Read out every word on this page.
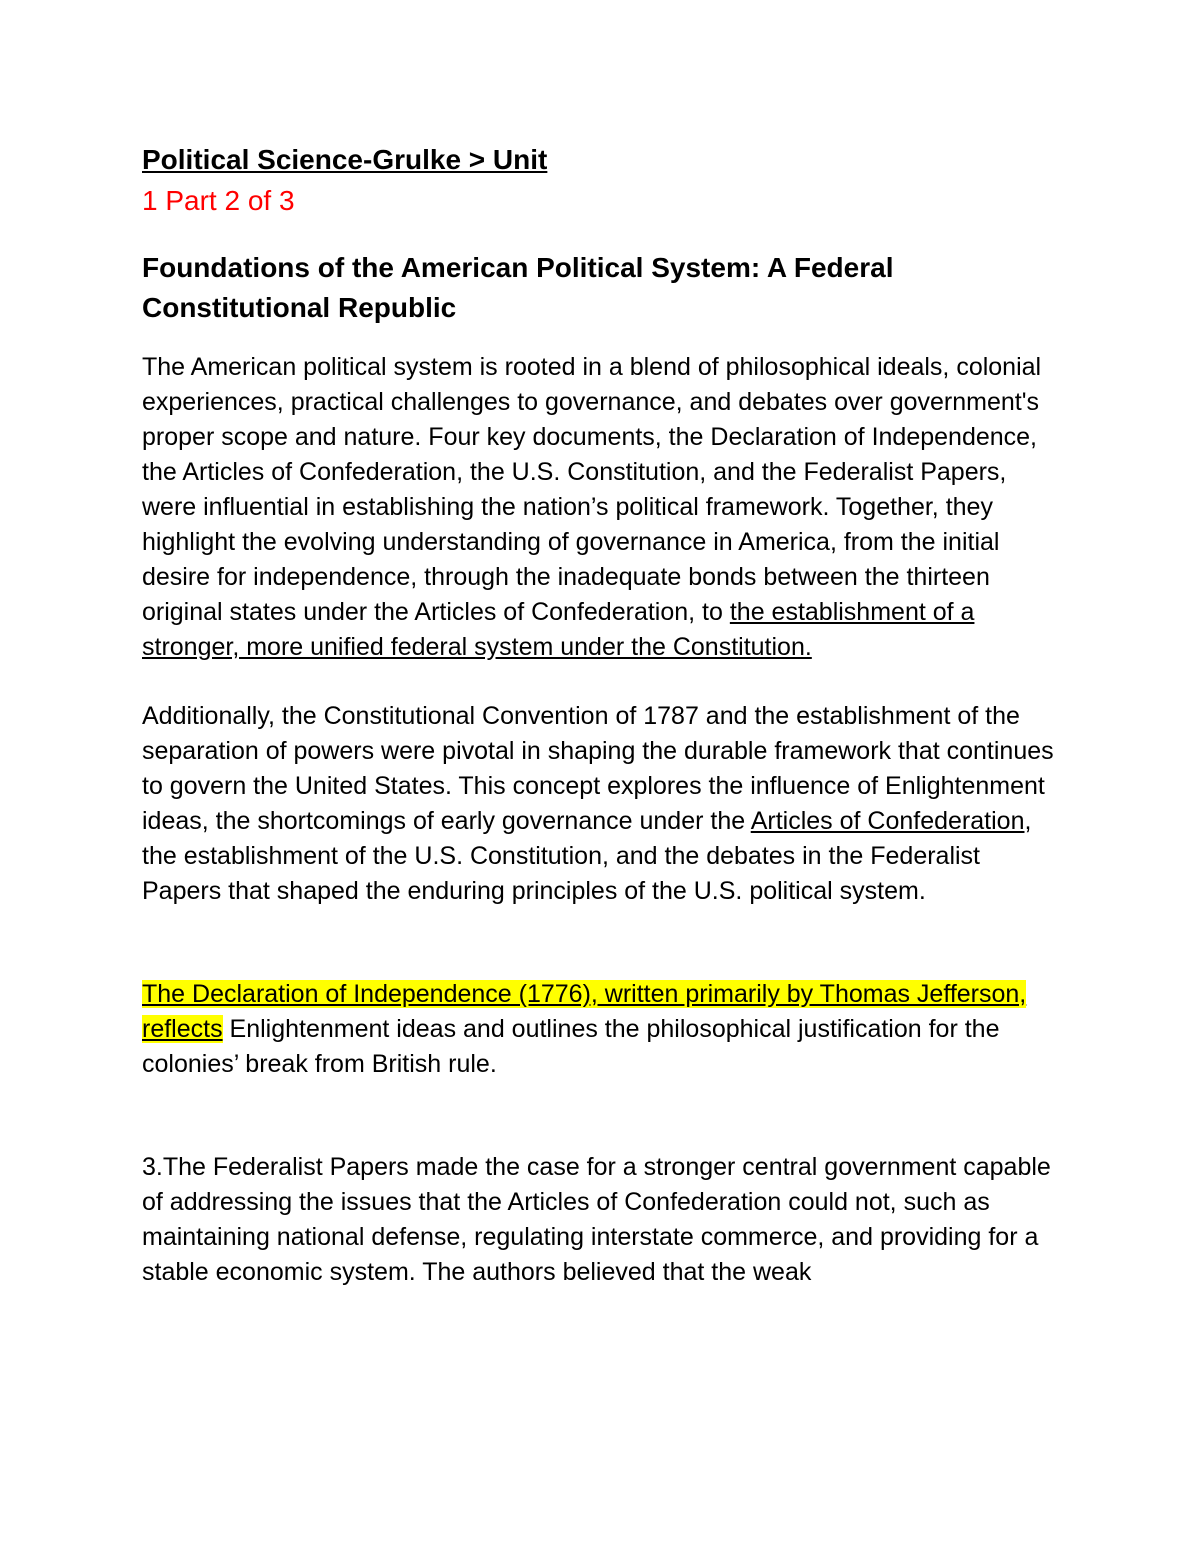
Political Science-Grulke > Unit

1 Part 2 of 3

Foundations of the American Political System: A Federal Constitutional Republic

The American political system is rooted in a blend of philosophical ideals, colonial experiences, practical challenges to governance, and debates over government's proper scope and nature. Four key documents, the Declaration of Independence, the Articles of Confederation, the U.S. Constitution, and the Federalist Papers, were influential in establishing the nation’s political framework. Together, they highlight the evolving understanding of governance in America, from the initial desire for independence, through the inadequate bonds between the thirteen original states under the Articles of Confederation, to the establishment of a stronger, more unified federal system under the Constitution.

Additionally, the Constitutional Convention of 1787 and the establishment of the separation of powers were pivotal in shaping the durable framework that continues to govern the United States. This concept explores the influence of Enlightenment ideas, the shortcomings of early governance under the Articles of Confederation, the establishment of the U.S. Constitution, and the debates in the Federalist Papers that shaped the enduring principles of the U.S. political system.

The Declaration of Independence (1776), written primarily by Thomas Jefferson, reflects Enlightenment ideas and outlines the philosophical justification for the colonies’ break from British rule.

3.The Federalist Papers made the case for a stronger central government capable of addressing the issues that the Articles of Confederation could not, such as maintaining national defense, regulating interstate commerce, and providing for a stable economic system. The authors believed that the weak
